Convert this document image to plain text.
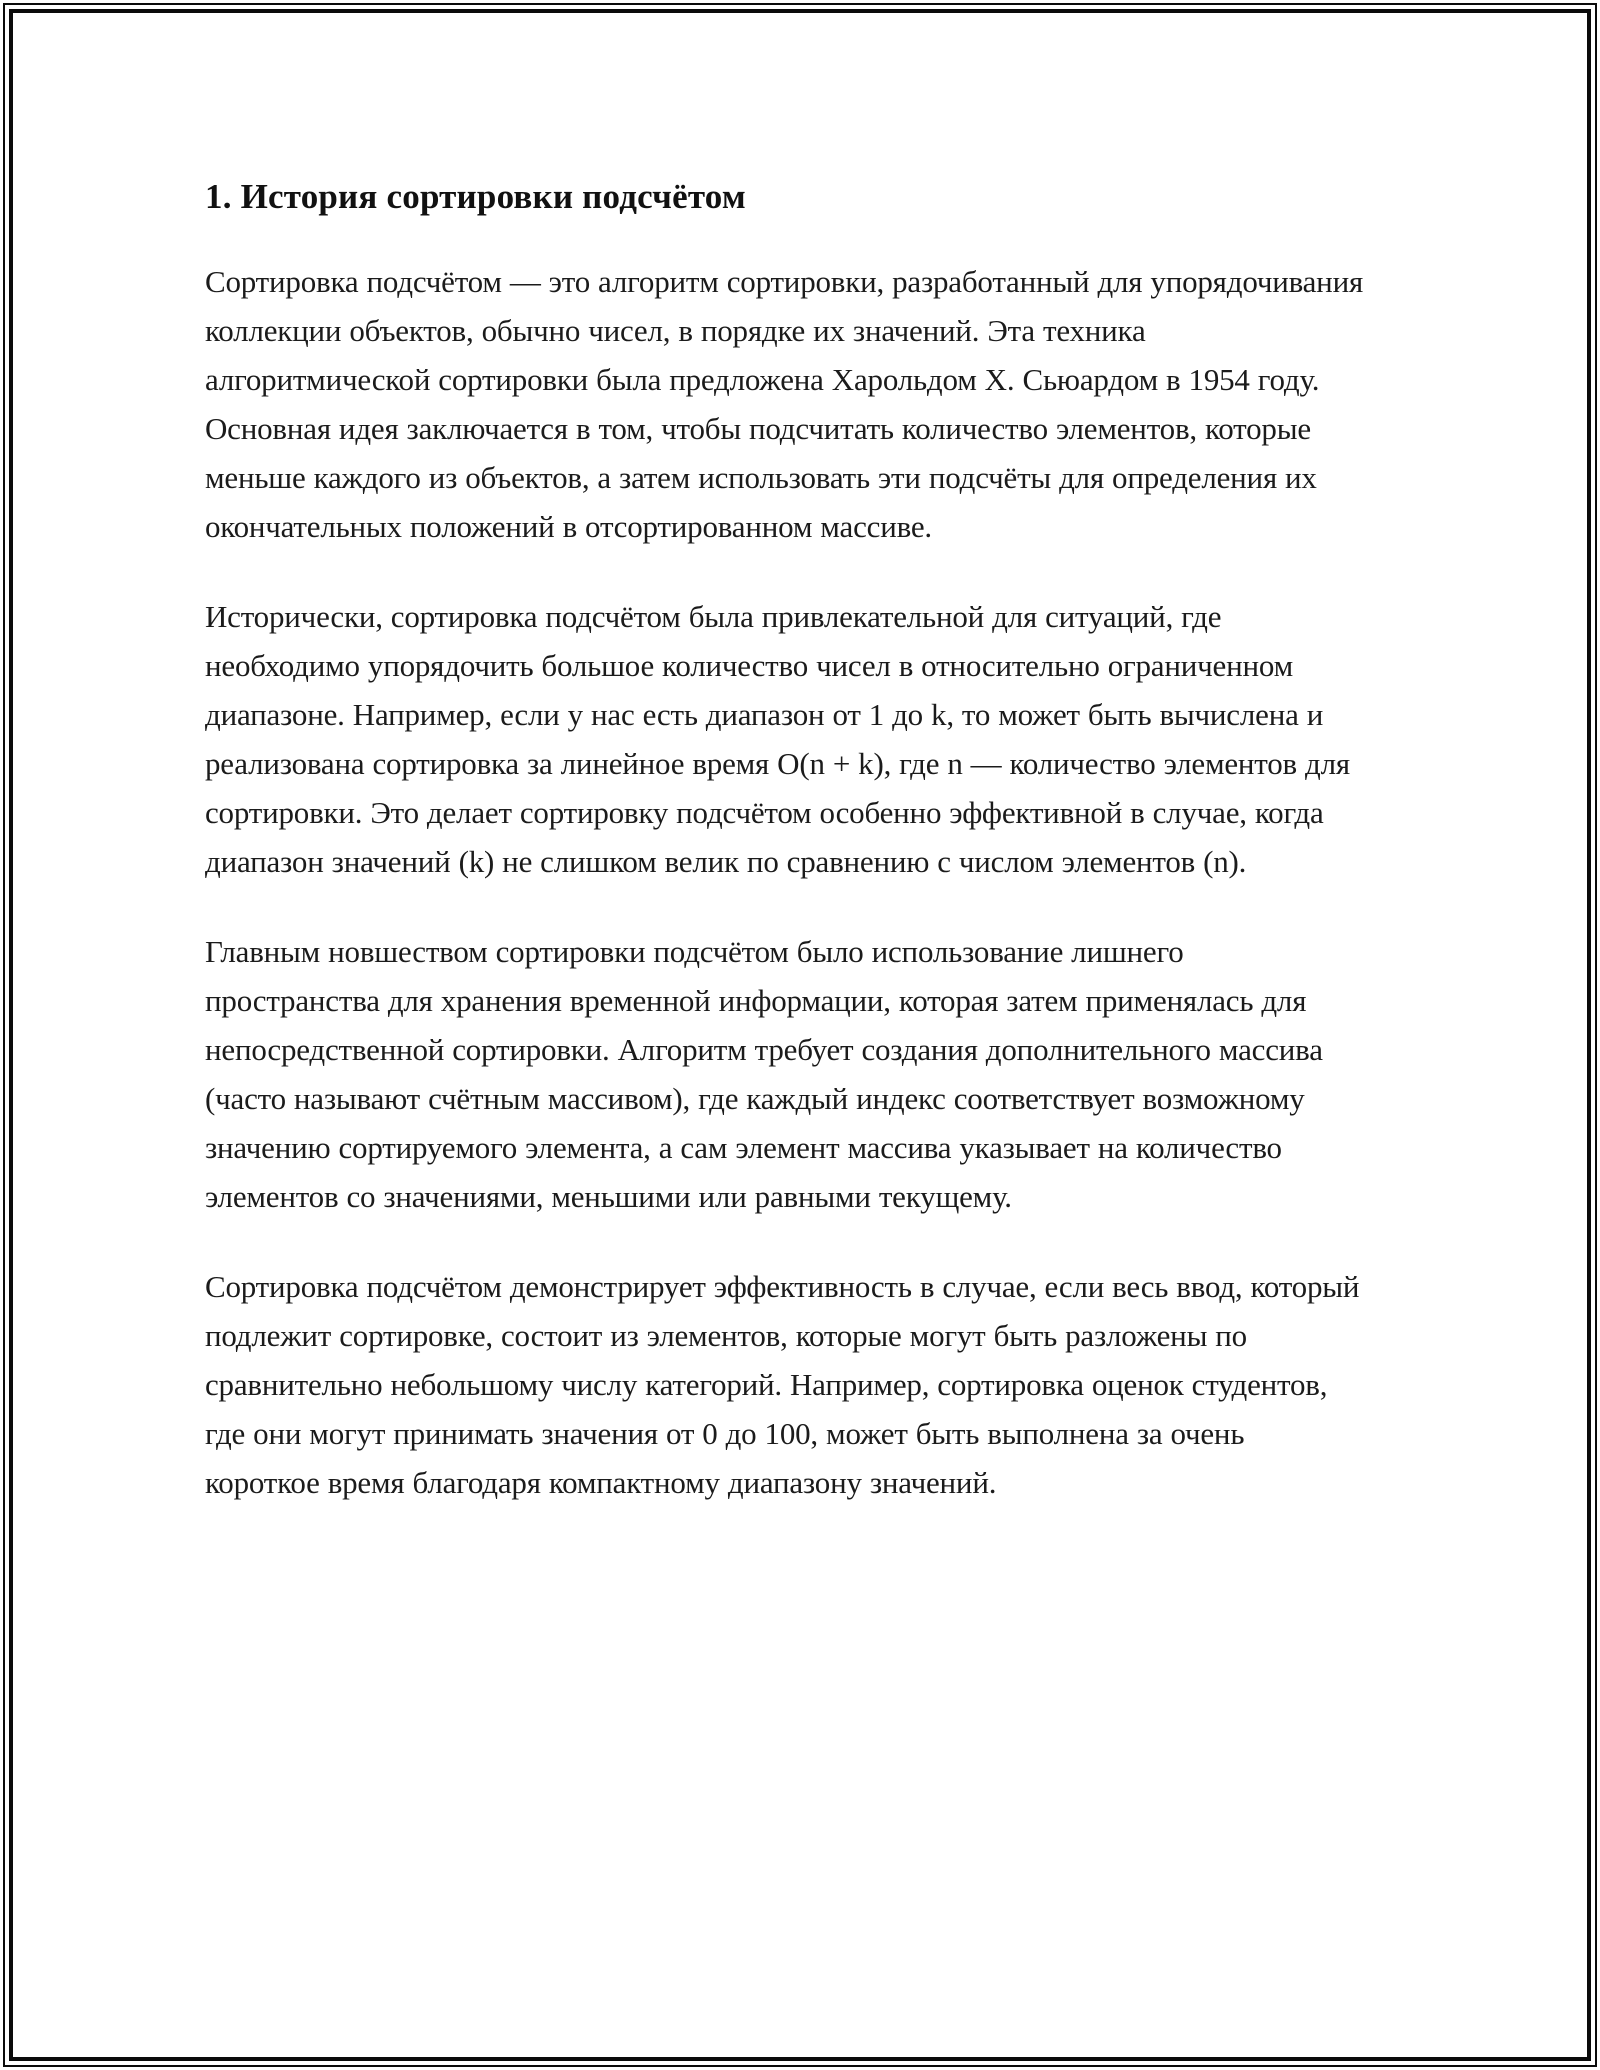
1. История сортировки подсчётом

Сортировка подсчётом — это алгоритм сортировки, разработанный для упорядочивания коллекции объектов, обычно чисел, в порядке их значений. Эта техника алгоритмической сортировки была предложена Харольдом Х. Сьюардом в 1954 году. Основная идея заключается в том, чтобы подсчитать количество элементов, которые меньше каждого из объектов, а затем использовать эти подсчёты для определения их окончательных положений в отсортированном массиве.

Исторически, сортировка подсчётом была привлекательной для ситуаций, где необходимо упорядочить большое количество чисел в относительно ограниченном диапазоне. Например, если у нас есть диапазон от 1 до k, то может быть вычислена и реализована сортировка за линейное время O(n + k), где n — количество элементов для сортировки. Это делает сортировку подсчётом особенно эффективной в случае, когда диапазон значений (k) не слишком велик по сравнению с числом элементов (n).

Главным новшеством сортировки подсчётом было использование лишнего пространства для хранения временной информации, которая затем применялась для непосредственной сортировки. Алгоритм требует создания дополнительного массива (часто называют счётным массивом), где каждый индекс соответствует возможному значению сортируемого элемента, а сам элемент массива указывает на количество элементов со значениями, меньшими или равными текущему.

Сортировка подсчётом демонстрирует эффективность в случае, если весь ввод, который подлежит сортировке, состоит из элементов, которые могут быть разложены по сравнительно небольшому числу категорий. Например, сортировка оценок студентов, где они могут принимать значения от 0 до 100, может быть выполнена за очень короткое время благодаря компактному диапазону значений.
